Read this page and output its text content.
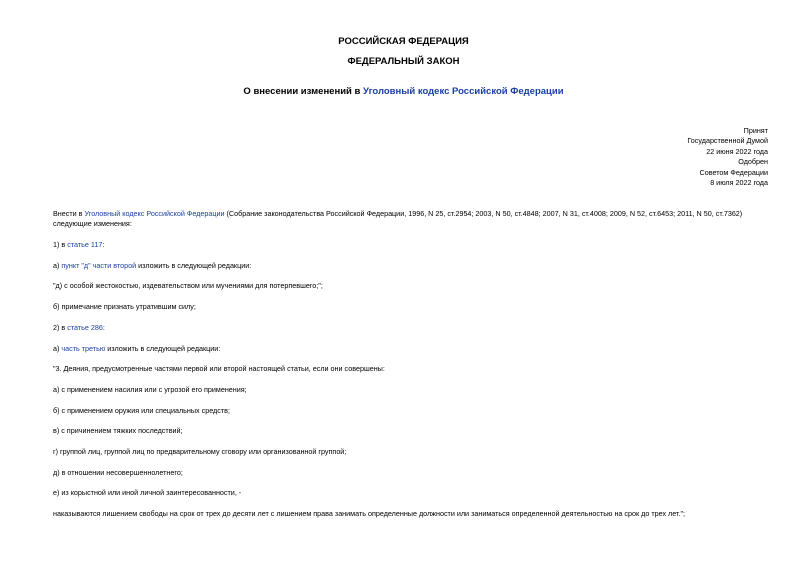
РОССИЙСКАЯ ФЕДЕРАЦИЯ
ФЕДЕРАЛЬНЫЙ ЗАКОН
О внесении изменений в Уголовный кодекс Российской Федерации
Принят
Государственной Думой
22 июня 2022 года
Одобрен
Советом Федерации
8 июля 2022 года
Внести в Уголовный кодекс Российской Федерации (Собрание законодательства Российской Федерации, 1996, N 25, ст.2954; 2003, N 50, ст.4848; 2007, N 31, ст.4008; 2009, N 52, ст.6453; 2011, N 50, ст.7362) следующие изменения:
1) в статье 117:
а) пункт "д" части второй изложить в следующей редакции:
"д) с особой жестокостью, издевательством или мучениями для потерпевшего;";
б) примечание признать утратившим силу;
2) в статье 286:
а) часть третью изложить в следующей редакции:
"3. Деяния, предусмотренные частями первой или второй настоящей статьи, если они совершены:
а) с применением насилия или с угрозой его применения;
б) с применением оружия или специальных средств;
в) с причинением тяжких последствий;
г) группой лиц, группой лиц по предварительному сговору или организованной группой;
д) в отношении несовершеннолетнего;
е) из корыстной или иной личной заинтересованности, -
наказываются лишением свободы на срок от трех до десяти лет с лишением права занимать определенные должности или заниматься определенной деятельностью на срок до трех лет.";
